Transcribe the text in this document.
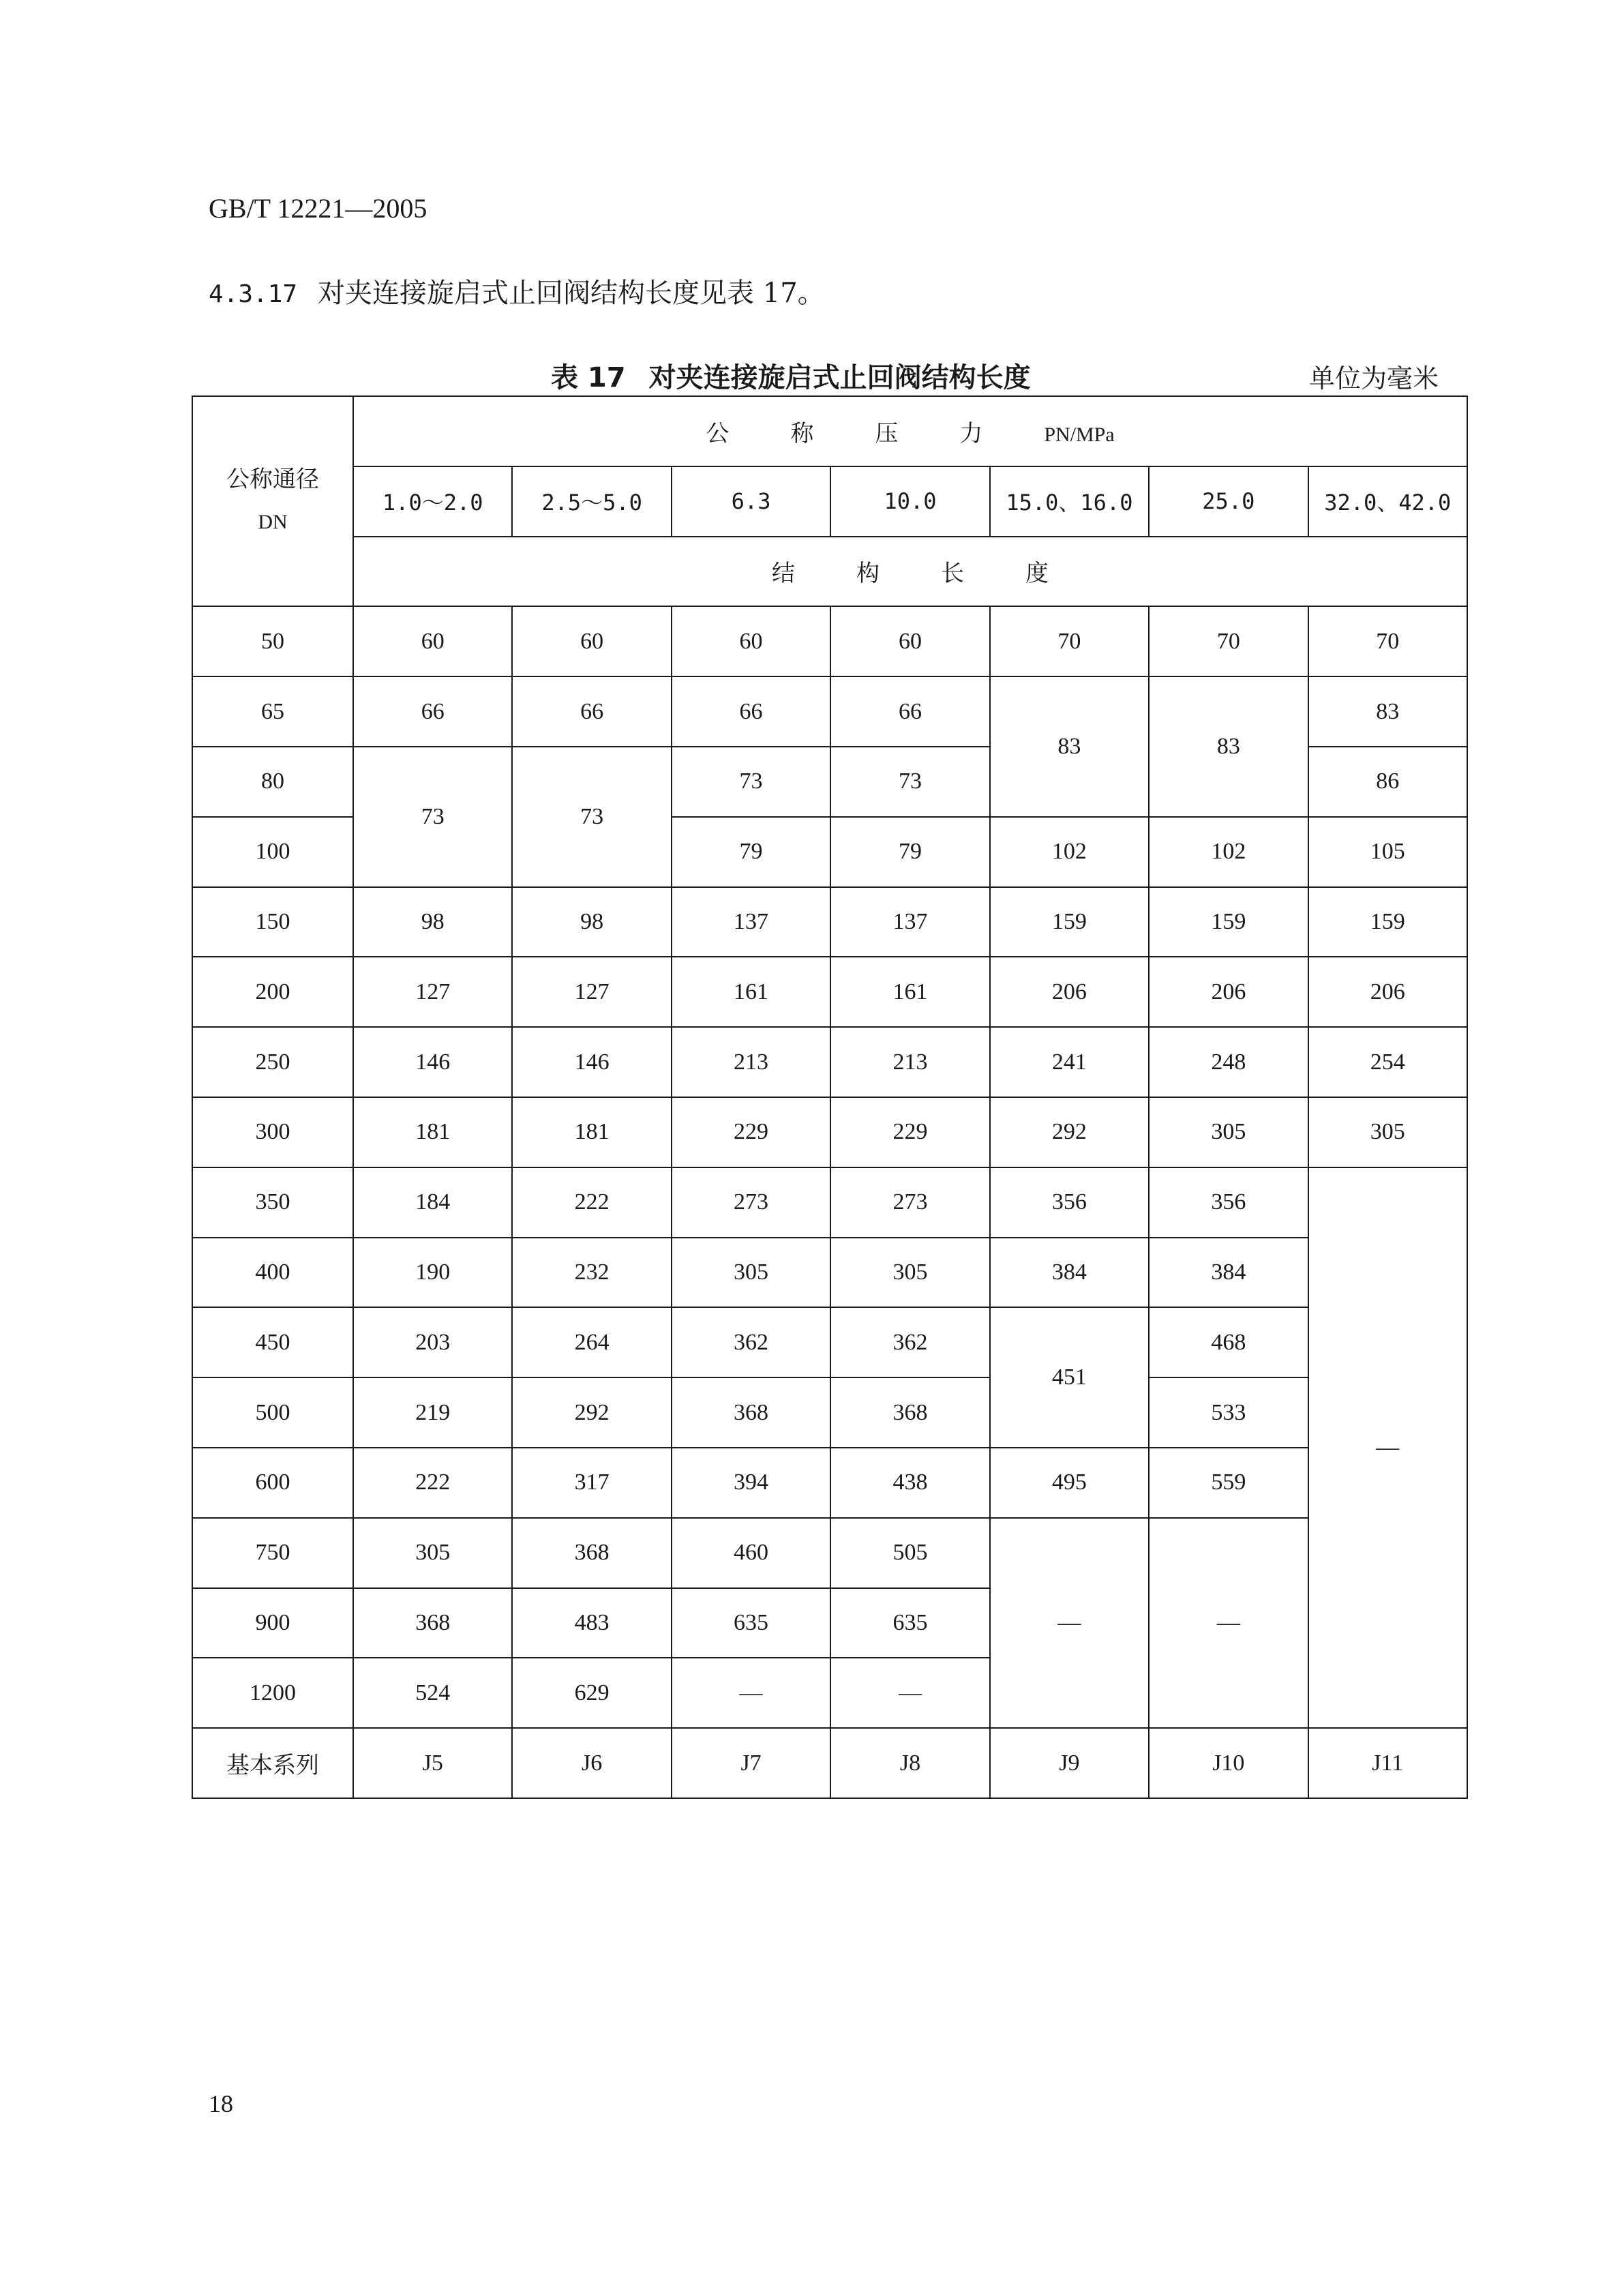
GB/T 12221—2005
4.3.17 对夹连接旋启式止回阀结构长度见表 17。
表 17 对夹连接旋启式止回阀结构长度	单位为毫米
公称通径
DN	公 称 压 力 PN/MPa						
	1.0～2.0	2.5～5.0	6.3	10.0	15.0、16.0	25.0	32.0、42.0
	结 构 长 度						
50	60	60	60	60	70	70	70
65	66	66	66	66	83	83	83
80	73	73	73	73			86
100			79	79	102	102	105
150	98	98	137	137	159	159	159
200	127	127	161	161	206	206	206
250	146	146	213	213	241	248	254
300	181	181	229	229	292	305	305
350	184	222	273	273	356	356	—
400	190	232	305	305	384	384	
450	203	264	362	362	451	468	
500	219	292	368	368		533	
600	222	317	394	438	495	559	
750	305	368	460	505	—	—	
900	368	483	635	635			
1200	524	629	—	—			
基本系列	J5	J6	J7	J8	J9	J10	J11
18
